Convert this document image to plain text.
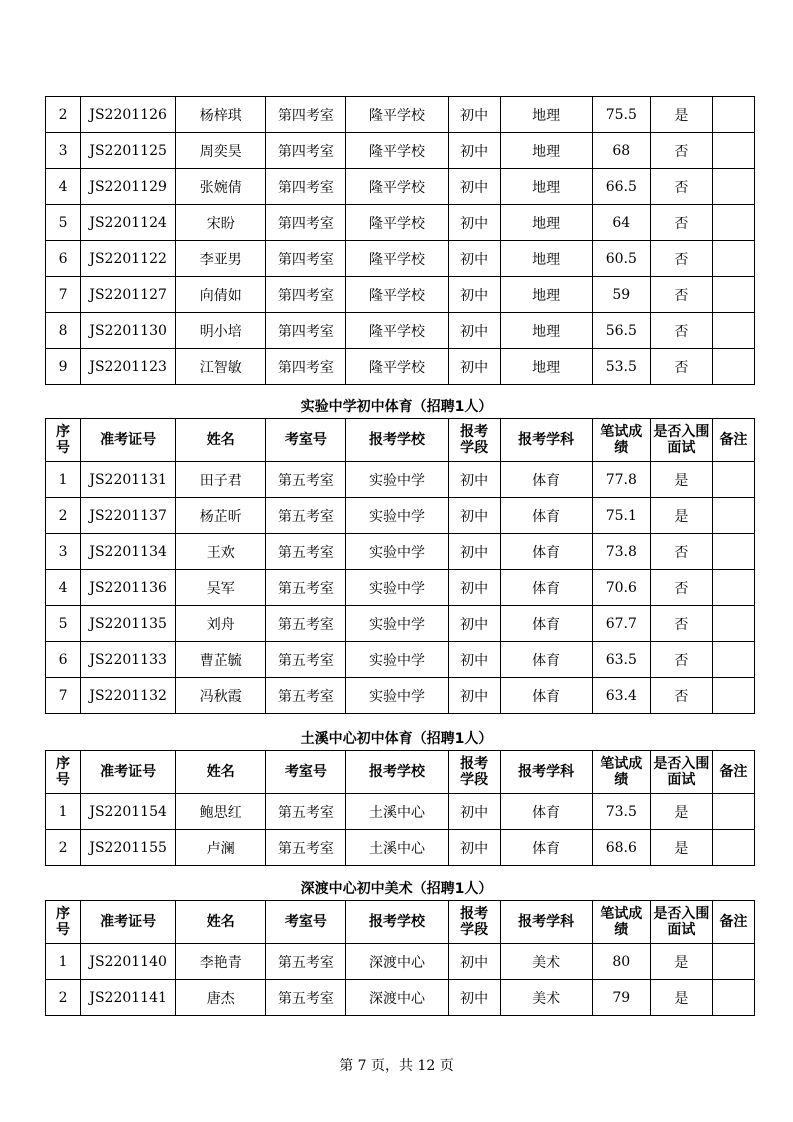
2	JS2201126	杨梓琪	第四考室	隆平学校	初中	地理	75.5	是	
3	JS2201125	周奕昊	第四考室	隆平学校	初中	地理	68	否	
4	JS2201129	张婉倩	第四考室	隆平学校	初中	地理	66.5	否	
5	JS2201124	宋盼	第四考室	隆平学校	初中	地理	64	否	
6	JS2201122	李亚男	第四考室	隆平学校	初中	地理	60.5	否	
7	JS2201127	向倩如	第四考室	隆平学校	初中	地理	59	否	
8	JS2201130	明小培	第四考室	隆平学校	初中	地理	56.5	否	
9	JS2201123	江智敏	第四考室	隆平学校	初中	地理	53.5	否	
实验中学初中体育（招聘1人）
序号	准考证号	姓名	考室号	报考学校	报考学段	报考学科	笔试成绩	是否入围面试	备注
1	JS2201131	田子君	第五考室	实验中学	初中	体育	77.8	是	
2	JS2201137	杨芷昕	第五考室	实验中学	初中	体育	75.1	是	
3	JS2201134	王欢	第五考室	实验中学	初中	体育	73.8	否	
4	JS2201136	吴军	第五考室	实验中学	初中	体育	70.6	否	
5	JS2201135	刘舟	第五考室	实验中学	初中	体育	67.7	否	
6	JS2201133	曹芷毓	第五考室	实验中学	初中	体育	63.5	否	
7	JS2201132	冯秋霞	第五考室	实验中学	初中	体育	63.4	否	
土溪中心初中体育（招聘1人）
序号	准考证号	姓名	考室号	报考学校	报考学段	报考学科	笔试成绩	是否入围面试	备注
1	JS2201154	鲍思红	第五考室	土溪中心	初中	体育	73.5	是	
2	JS2201155	卢澜	第五考室	土溪中心	初中	体育	68.6	是	
深渡中心初中美术（招聘1人）
序号	准考证号	姓名	考室号	报考学校	报考学段	报考学科	笔试成绩	是否入围面试	备注
1	JS2201140	李艳青	第五考室	深渡中心	初中	美术	80	是	
2	JS2201141	唐杰	第五考室	深渡中心	初中	美术	79	是	
第 7 页，共 12 页
